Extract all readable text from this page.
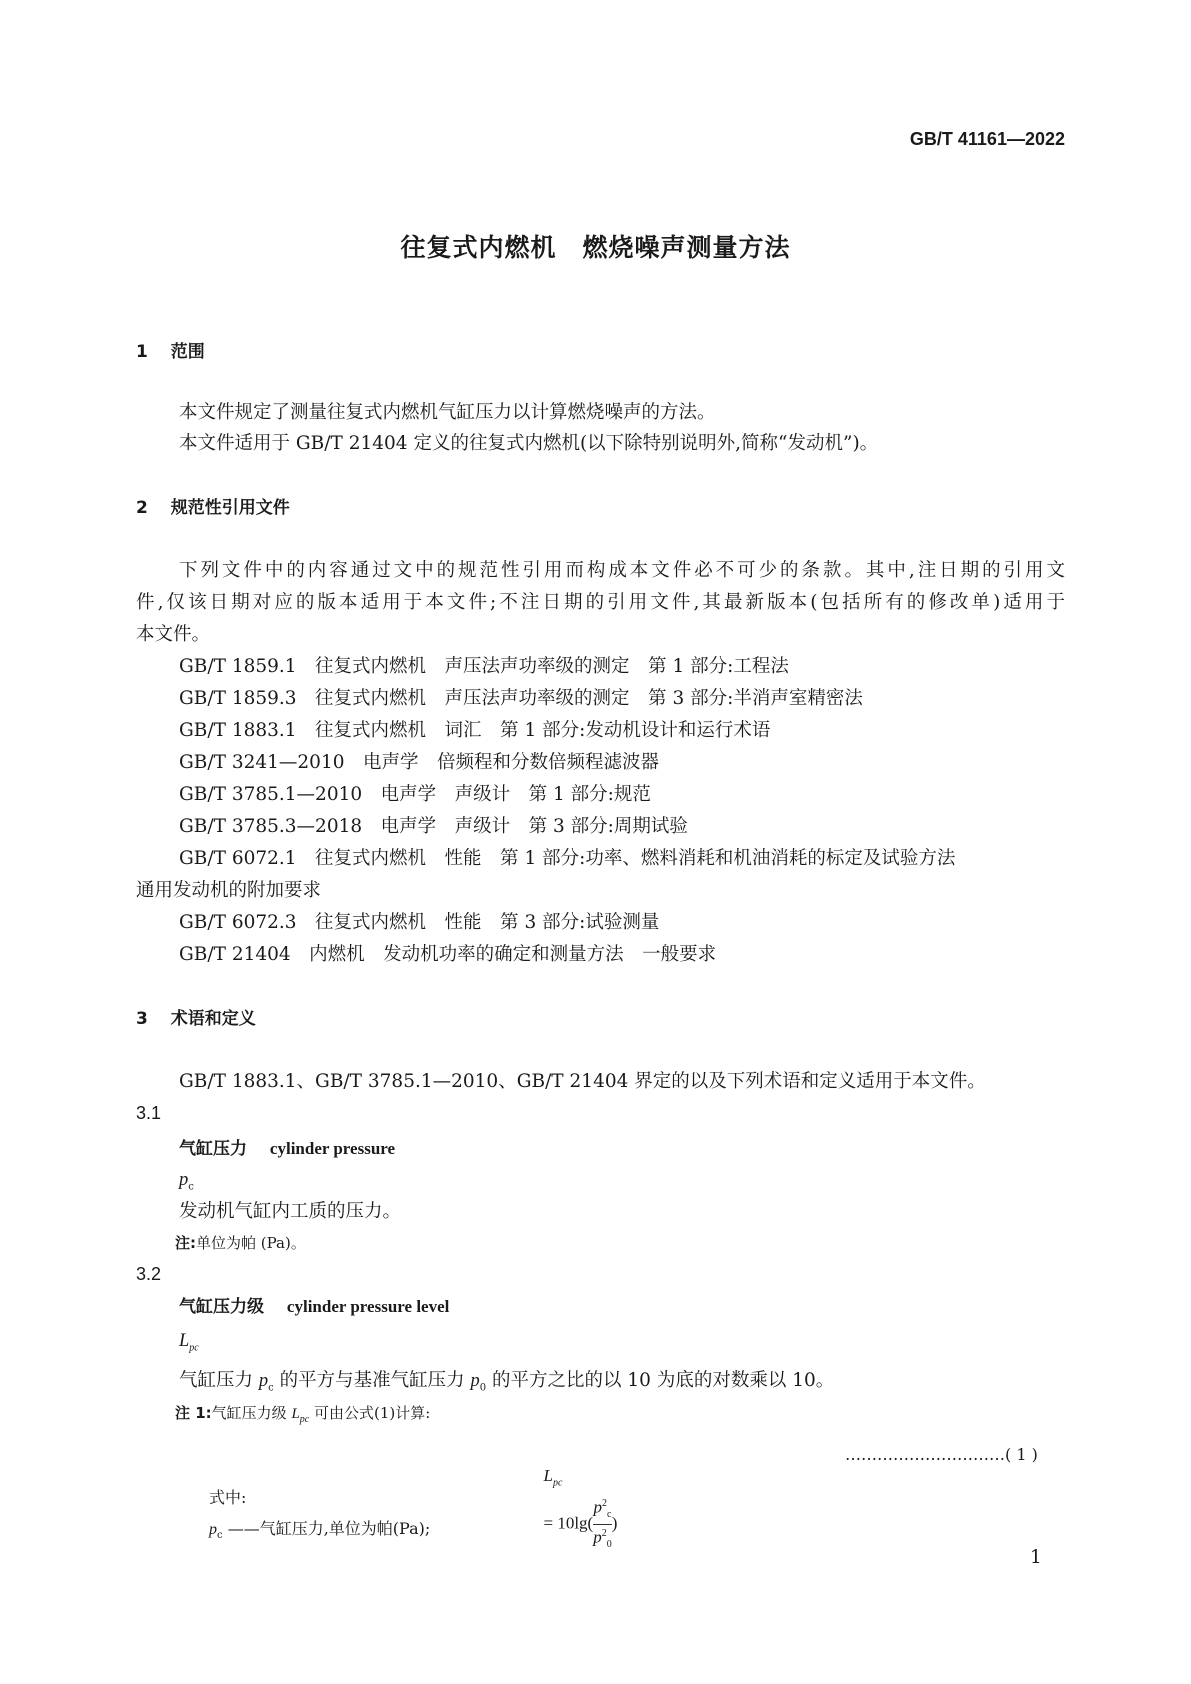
GB/T 41161—2022
往复式内燃机　燃烧噪声测量方法
1　 范围
本文件规定了测量往复式内燃机气缸压力以计算燃烧噪声的方法。
本文件适用于 GB/T 21404 定义的往复式内燃机(以下除特别说明外,简称“发动机”)。
2　 规范性引用文件
下列文件中的内容通过文中的规范性引用而构成本文件必不可少的条款。其中,注日期的引用文
件,仅该日期对应的版本适用于本文件;不注日期的引用文件,其最新版本(包括所有的修改单)适用于
本文件。
GB/T 1859.1　往复式内燃机　声压法声功率级的测定　第 1 部分:工程法
GB/T 1859.3　往复式内燃机　声压法声功率级的测定　第 3 部分:半消声室精密法
GB/T 1883.1　往复式内燃机　词汇　第 1 部分:发动机设计和运行术语
GB/T 3241—2010　电声学　倍频程和分数倍频程滤波器
GB/T 3785.1—2010　电声学　声级计　第 1 部分:规范
GB/T 3785.3—2018　电声学　声级计　第 3 部分:周期试验
GB/T 6072.1　往复式内燃机　性能　第 1 部分:功率、燃料消耗和机油消耗的标定及试验方法
通用发动机的附加要求
GB/T 6072.3　往复式内燃机　性能　第 3 部分:试验测量
GB/T 21404　内燃机　发动机功率的确定和测量方法　一般要求
3　 术语和定义
GB/T 1883.1、GB/T 3785.1—2010、GB/T 21404 界定的以及下列术语和定义适用于本文件。
3.1
气缸压力　 cylinder pressure
$p_c$
发动机气缸内工质的压力。
注:单位为帕 (Pa)。
3.2
气缸压力级　 cylinder pressure level
$L_{pc}$
气缸压力 $p_c$ 的平方与基准气缸压力 $p_0$ 的平方之比的以 10 为底的对数乘以 10。
注 1:气缸压力级 $L_{pc}$ 可由公式(1)计算:

$L_{pc}$
= $10\lg( \frac{p^2_c}{p^2_0}$ )

…………………………( 1 )
式中:
$p_c$ ——气缸压力,单位为帕(Pa);
1
